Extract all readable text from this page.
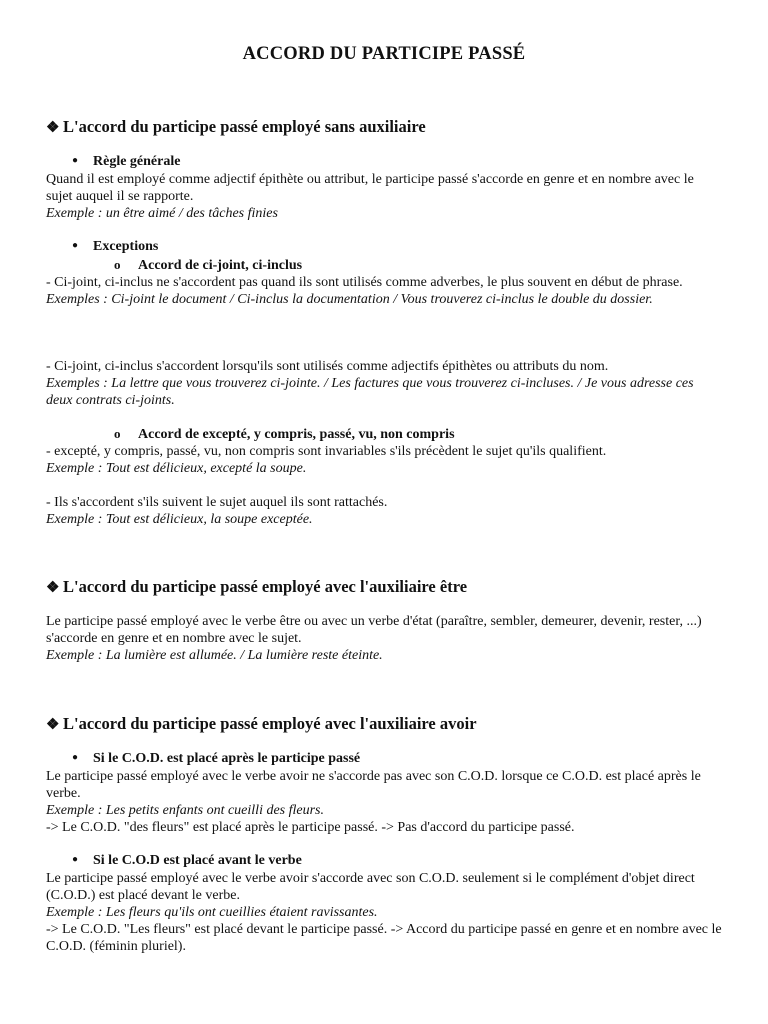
ACCORD DU PARTICIPE PASSÉ
❖ L'accord du participe passé employé sans auxiliaire
● Règle générale
Quand il est employé comme adjectif épithète ou attribut, le participe passé s'accorde en genre et en nombre avec le sujet auquel il se rapporte.
Exemple : un être aimé / des tâches finies
● Exceptions
o Accord de ci-joint, ci-inclus
- Ci-joint, ci-inclus ne s'accordent pas quand ils sont utilisés comme adverbes, le plus souvent en début de phrase.
Exemples : Ci-joint le document / Ci-inclus la documentation / Vous trouverez ci-inclus le double du dossier.
- Ci-joint, ci-inclus s'accordent lorsqu'ils sont utilisés comme adjectifs épithètes ou attributs du nom.
Exemples : La lettre que vous trouverez ci-jointe. / Les factures que vous trouverez ci-incluses. / Je vous adresse ces deux contrats ci-joints.
o Accord de excepté, y compris, passé, vu, non compris
- excepté, y compris, passé, vu, non compris sont invariables s'ils précèdent le sujet qu'ils qualifient.
Exemple : Tout est délicieux, excepté la soupe.
- Ils s'accordent s'ils suivent le sujet auquel ils sont rattachés.
Exemple : Tout est délicieux, la soupe exceptée.
❖ L'accord du participe passé employé avec l'auxiliaire être
Le participe passé employé avec le verbe être ou avec un verbe d'état (paraître, sembler, demeurer, devenir, rester, ...) s'accorde en genre et en nombre avec le sujet.
Exemple : La lumière est allumée. / La lumière reste éteinte.
❖ L'accord du participe passé employé avec l'auxiliaire avoir
● Si le C.O.D. est placé après le participe passé
Le participe passé employé avec le verbe avoir ne s'accorde pas avec son C.O.D. lorsque ce C.O.D. est placé après le verbe.
Exemple : Les petits enfants ont cueilli des fleurs.
-> Le C.O.D. "des fleurs" est placé après le participe passé. -> Pas d'accord du participe passé.
● Si le C.O.D est placé avant le verbe
Le participe passé employé avec le verbe avoir s'accorde avec son C.O.D. seulement si le complément d'objet direct (C.O.D.) est placé devant le verbe.
Exemple : Les fleurs qu'ils ont cueillies étaient ravissantes.
-> Le C.O.D. "Les fleurs" est placé devant le participe passé. -> Accord du participe passé en genre et en nombre avec le C.O.D. (féminin pluriel).
